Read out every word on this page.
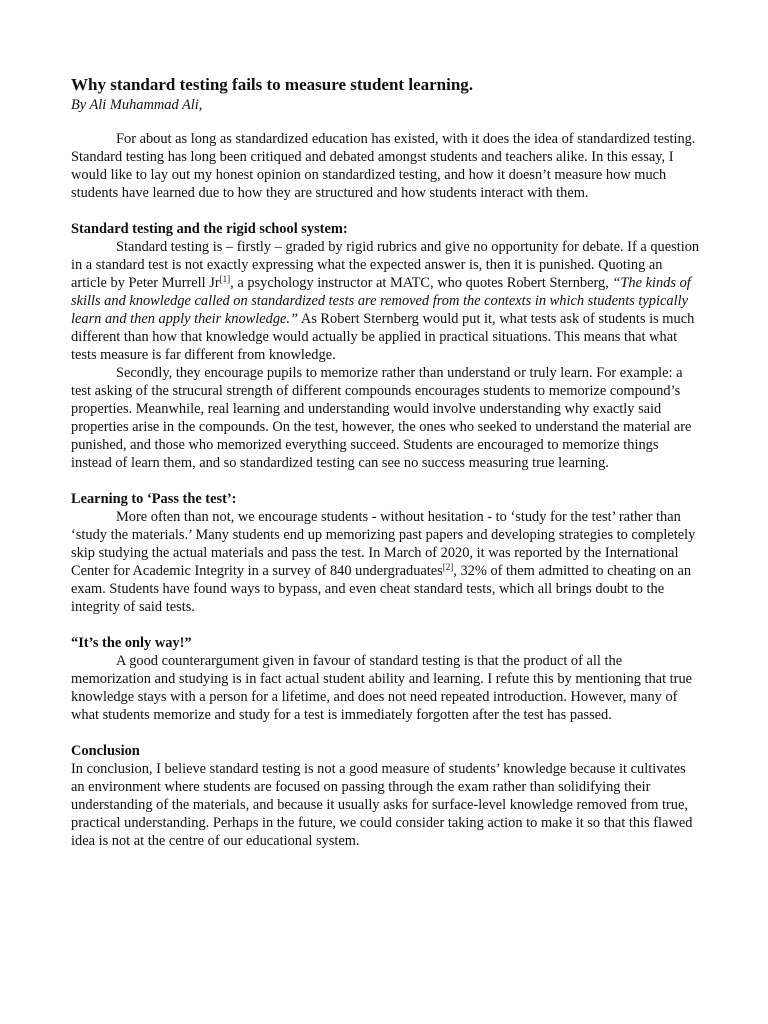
Why standard testing fails to measure student learning.

By Ali Muhammad Ali,

For about as long as standardized education has existed, with it does the idea of standardized testing. Standard testing has long been critiqued and debated amongst students and teachers alike. In this essay, I would like to lay out my honest opinion on standardized testing, and how it doesn’t measure how much students have learned due to how they are structured and how students interact with them.

Standard testing and the rigid school system:

Standard testing is – firstly – graded by rigid rubrics and give no opportunity for debate. If a question in a standard test is not exactly expressing what the expected answer is, then it is punished. Quoting an article by Peter Murrell Jr[1], a psychology instructor at MATC, who quotes Robert Sternberg, “The kinds of skills and knowledge called on standardized tests are removed from the contexts in which students typically learn and then apply their knowledge.” As Robert Sternberg would put it, what tests ask of students is much different than how that knowledge would actually be applied in practical situations. This means that what tests measure is far different from knowledge.

Secondly, they encourage pupils to memorize rather than understand or truly learn. For example: a test asking of the strucural strength of different compounds encourages students to memorize compound’s properties. Meanwhile, real learning and understanding would involve understanding why exactly said properties arise in the compounds. On the test, however, the ones who seeked to understand the material are punished, and those who memorized everything succeed. Students are encouraged to memorize things instead of learn them, and so standardized testing can see no success measuring true learning.

Learning to ‘Pass the test’:

More often than not, we encourage students - without hesitation - to ‘study for the test’ rather than ‘study the materials.’ Many students end up memorizing past papers and developing strategies to completely skip studying the actual materials and pass the test. In March of 2020, it was reported by the International Center for Academic Integrity in a survey of 840 undergraduates[2], 32% of them admitted to cheating on an exam. Students have found ways to bypass, and even cheat standard tests, which all brings doubt to the integrity of said tests.

“It’s the only way!”

A good counterargument given in favour of standard testing is that the product of all the memorization and studying is in fact actual student ability and learning. I refute this by mentioning that true knowledge stays with a person for a lifetime, and does not need repeated introduction. However, many of what students memorize and study for a test is immediately forgotten after the test has passed.

Conclusion

In conclusion, I believe standard testing is not a good measure of students’ knowledge because it cultivates an environment where students are focused on passing through the exam rather than solidifying their understanding of the materials, and because it usually asks for surface-level knowledge removed from true, practical understanding. Perhaps in the future, we could consider taking action to make it so that this flawed idea is not at the centre of our educational system.
